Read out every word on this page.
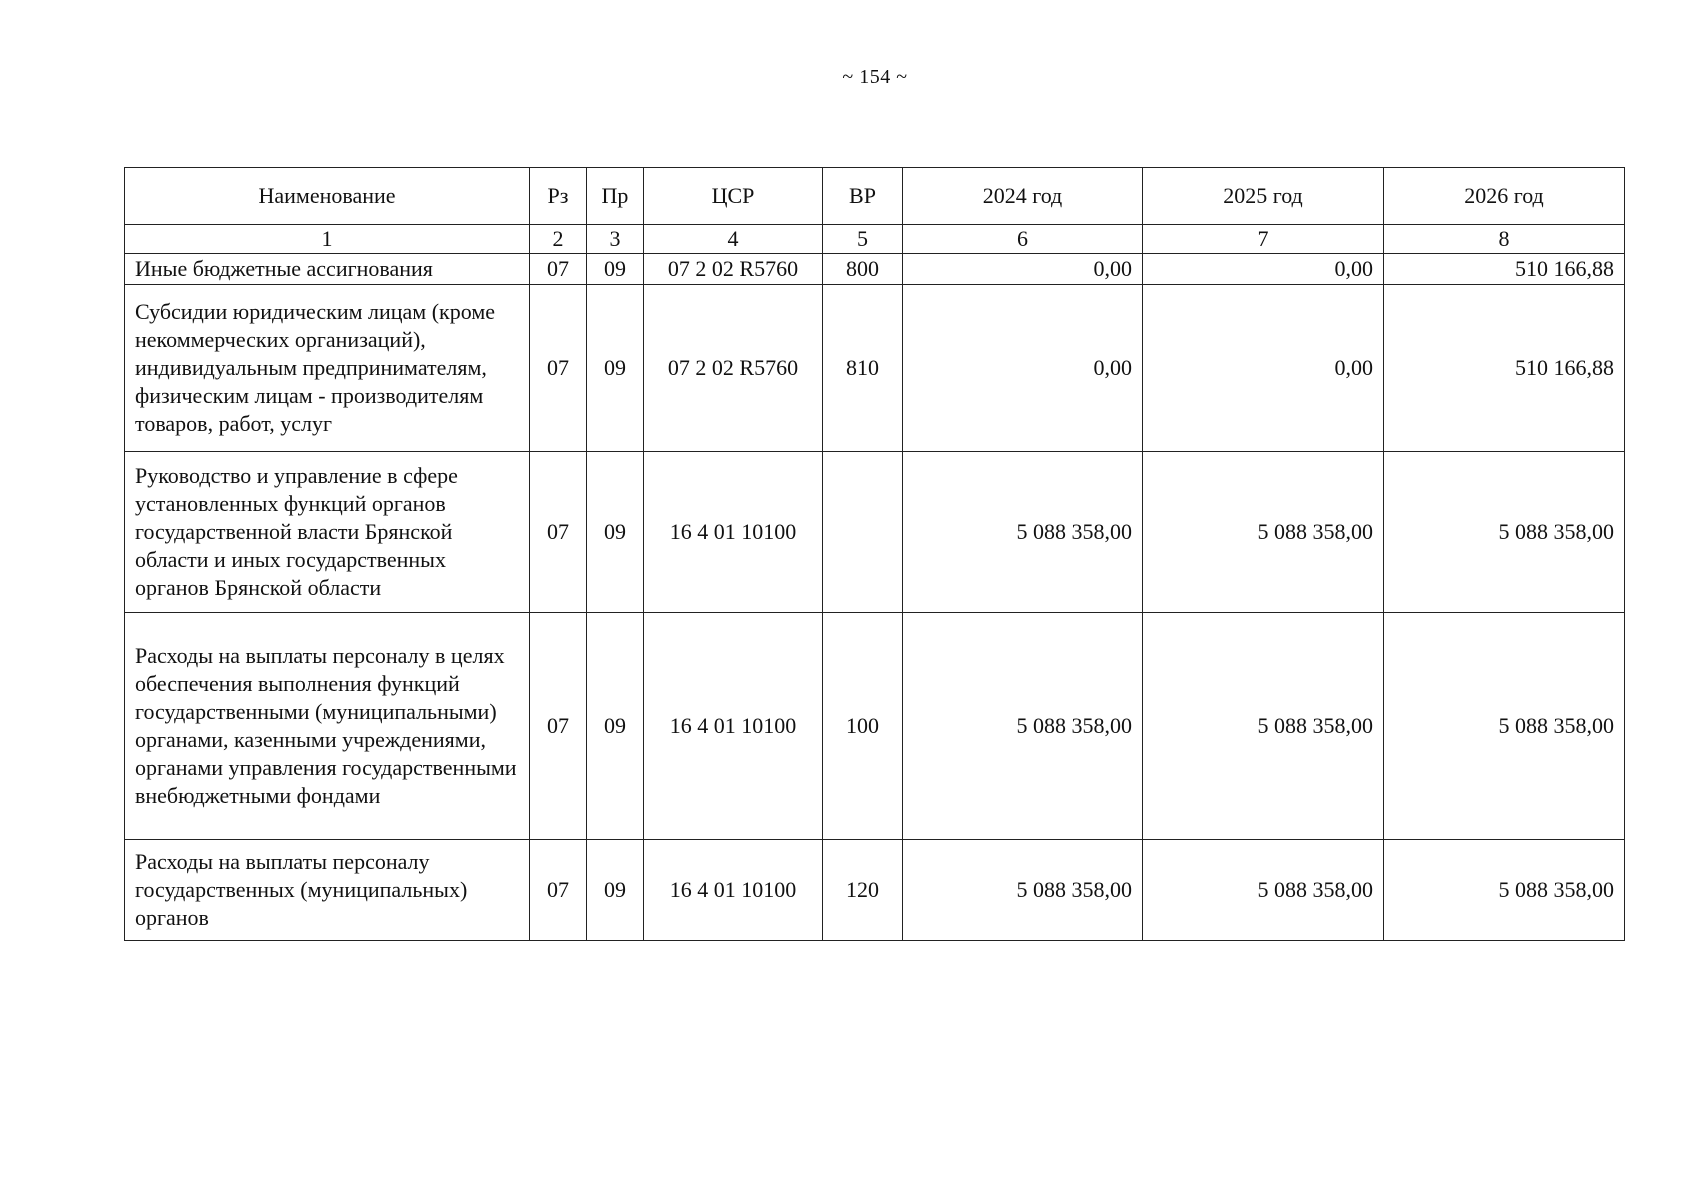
~ 154 ~
Наименование	Рз	Пр	ЦСР	ВР	2024 год	2025 год	2026 год
1	2	3	4	5	6	7	8
Иные бюджетные ассигнования	07	09	07 2 02 R5760	800	0,00	0,00	510 166,88
Субсидии юридическим лицам (кроме некоммерческих организаций), индивидуальным предпринимателям, физическим лицам - производителям товаров, работ, услуг	07	09	07 2 02 R5760	810	0,00	0,00	510 166,88
Руководство и управление в сфере установленных функций органов государственной власти Брянской области и иных государственных органов Брянской области	07	09	16 4 01 10100		5 088 358,00	5 088 358,00	5 088 358,00
Расходы на выплаты персоналу в целях обеспечения выполнения функций государственными (муниципальными) органами, казенными учреждениями, органами управления государственными внебюджетными фондами	07	09	16 4 01 10100	100	5 088 358,00	5 088 358,00	5 088 358,00
Расходы на выплаты персоналу государственных (муниципальных) органов	07	09	16 4 01 10100	120	5 088 358,00	5 088 358,00	5 088 358,00
